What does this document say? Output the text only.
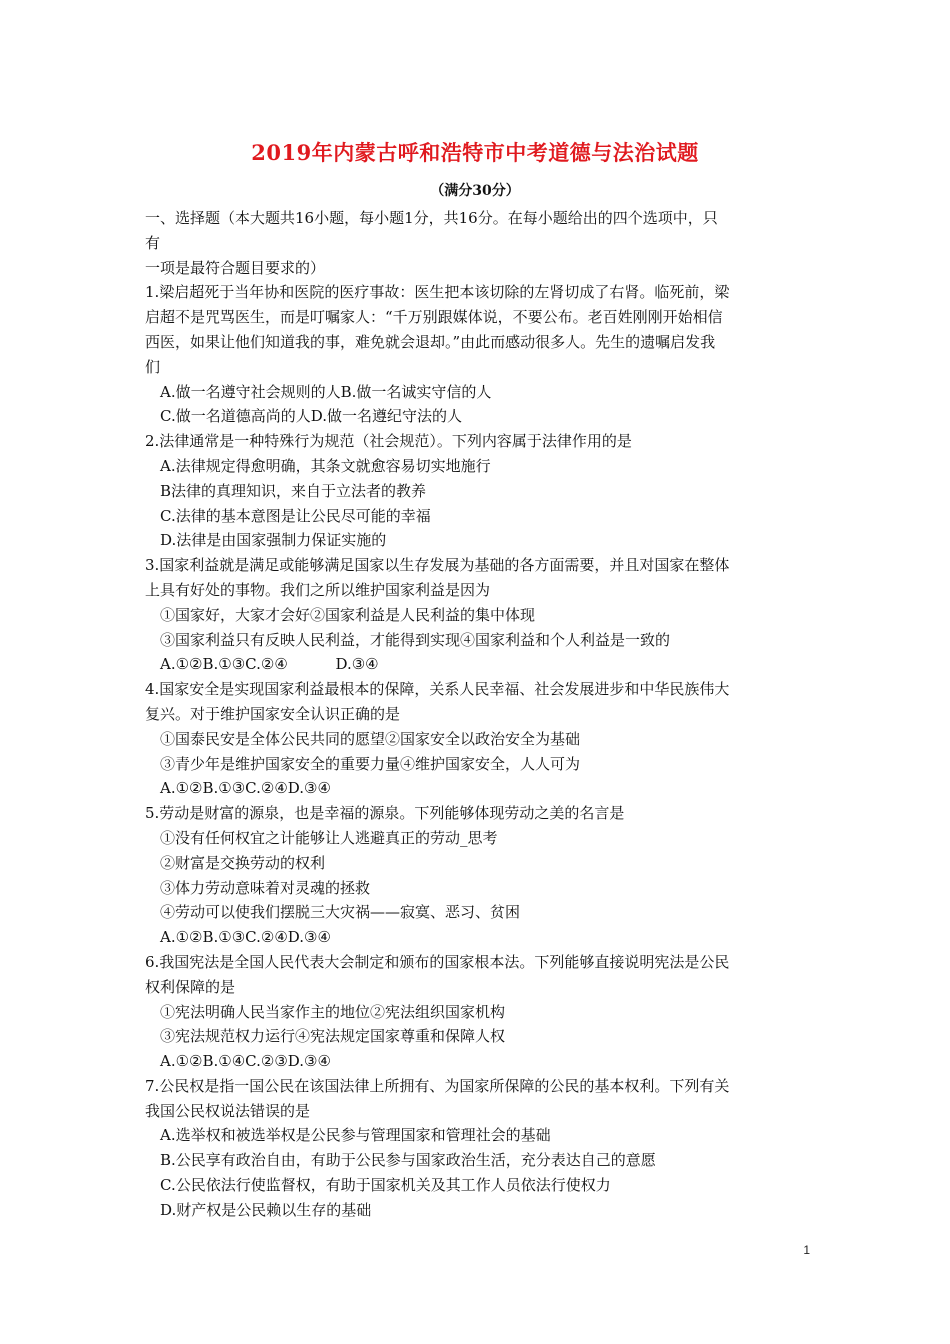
2019年内蒙古呼和浩特市中考道德与法治试题
（满分30分）
一、选择题（本大题共16小题，每小题1分，共16分。在每小题给出的四个选项中，只
有
一项是最符合题目要求的）
1.梁启超死于当年协和医院的医疗事故：医生把本该切除的左肾切成了右肾。临死前，梁
启超不是咒骂医生，而是叮嘱家人：“千万别跟媒体说，不要公布。老百姓刚刚开始相信
西医，如果让他们知道我的事，难免就会退却。”由此而感动很多人。先生的遗嘱启发我
们
A.做一名遵守社会规则的人B.做一名诚实守信的人
C.做一名道德高尚的人D.做一名遵纪守法的人
2.法律通常是一种特殊行为规范（社会规范）。下列内容属于法律作用的是
A.法律规定得愈明确，其条文就愈容易切实地施行
B法律的真理知识，来自于立法者的教养
C.法律的基本意图是让公民尽可能的幸福
D.法律是由国家强制力保证实施的
3.国家利益就是满足或能够满足国家以生存发展为基础的各方面需要，并且对国家在整体
上具有好处的事物。我们之所以维护国家利益是因为
①国家好，大家才会好②国家利益是人民利益的集中体现
③国家利益只有反映人民利益，才能得到实现④国家利益和个人利益是一致的
A.①②B.①③C.②④          D.③④
4.国家安全是实现国家利益最根本的保障，关系人民幸福、社会发展进步和中华民族伟大
复兴。对于维护国家安全认识正确的是
①国泰民安是全体公民共同的愿望②国家安全以政治安全为基础
③青少年是维护国家安全的重要力量④维护国家安全，人人可为
A.①②B.①③C.②④D.③④
5.劳动是财富的源泉，也是幸福的源泉。下列能够体现劳动之美的名言是
①没有任何权宜之计能够让人逃避真正的劳动_思考
②财富是交换劳动的权利
③体力劳动意味着对灵魂的拯救
④劳动可以使我们摆脱三大灾祸——寂寞、恶习、贫困
A.①②B.①③C.②④D.③④
6.我国宪法是全国人民代表大会制定和颁布的国家根本法。下列能够直接说明宪法是公民
权利保障的是
①宪法明确人民当家作主的地位②宪法组织国家机构
③宪法规范权力运行④宪法规定国家尊重和保障人权
A.①②B.①④C.②③D.③④
7.公民权是指一国公民在该国法律上所拥有、为国家所保障的公民的基本权利。下列有关
我国公民权说法错误的是
A.选举权和被选举权是公民参与管理国家和管理社会的基础
B.公民享有政治自由，有助于公民参与国家政治生活，充分表达自己的意愿
C.公民依法行使监督权，有助于国家机关及其工作人员依法行使权力
D.财产权是公民赖以生存的基础
1
